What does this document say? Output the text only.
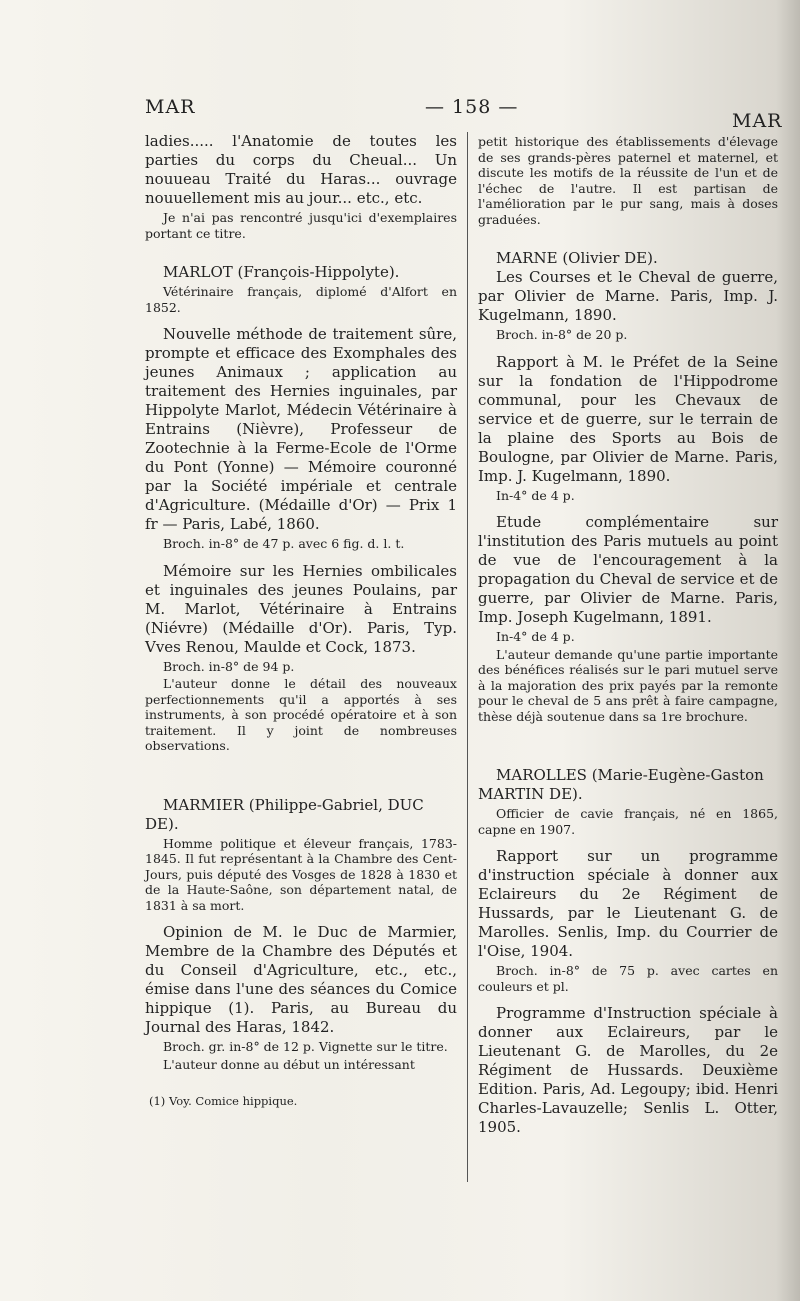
MAR	— 158 —
MAR

ladies..... l'Anatomie de toutes les parties du corps du Cheual... Un nouueau Traité du Haras... ouvrage nouuellement mis au jour... etc., etc.

Je n'ai pas rencontré jusqu'ici d'exemplaires portant ce titre.

MARLOT (François-Hippolyte).

Vétérinaire français, diplomé d'Alfort en 1852.

Nouvelle méthode de traitement sûre, prompte et efficace des Exomphales des jeunes Animaux ; application au traitement des Hernies inguinales, par Hippolyte Marlot, Médecin Vétérinaire à Entrains (Nièvre), Professeur de Zootechnie à la Ferme-Ecole de l'Orme du Pont (Yonne) — Mémoire couronné par la Société impériale et centrale d'Agriculture. (Médaille d'Or) — Prix 1 fr — Paris, Labé, 1860.

Broch. in-8° de 47 p. avec 6 fig. d. l. t.

Mémoire sur les Hernies ombilicales et inguinales des jeunes Poulains, par M. Marlot, Vétérinaire à Entrains (Niévre) (Médaille d'Or). Paris, Typ. Vves Renou, Maulde et Cock, 1873.

Broch. in-8° de 94 p.

L'auteur donne le détail des nouveaux perfectionnements qu'il a apportés à ses instruments, à son procédé opératoire et à son traitement. Il y joint de nombreuses observations.

MARMIER (Philippe-Gabriel, DUC DE).

Homme politique et éleveur français, 1783-1845. Il fut représentant à la Chambre des Cent-Jours, puis député des Vosges de 1828 à 1830 et de la Haute-Saône, son département natal, de 1831 à sa mort.

Opinion de M. le Duc de Marmier, Membre de la Chambre des Députés et du Conseil d'Agriculture, etc., etc., émise dans l'une des séances du Comice hippique (1). Paris, au Bureau du Journal des Haras, 1842.

Broch. gr. in-8° de 12 p. Vignette sur le titre.

L'auteur donne au début un intéressant

(1) Voy. Comice hippique.

petit historique des établissements d'élevage de ses grands-pères paternel et maternel, et discute les motifs de la réussite de l'un et de l'échec de l'autre. Il est partisan de l'amélioration par le pur sang, mais à doses graduées.

MARNE (Olivier DE).

Les Courses et le Cheval de guerre, par Olivier de Marne. Paris, Imp. J. Kugelmann, 1890.

Broch. in-8° de 20 p.

Rapport à M. le Préfet de la Seine sur la fondation de l'Hippodrome communal, pour les Chevaux de service et de guerre, sur le terrain de la plaine des Sports au Bois de Boulogne, par Olivier de Marne. Paris, Imp. J. Kugelmann, 1890.

In-4° de 4 p.

Etude complémentaire sur l'institution des Paris mutuels au point de vue de l'encouragement à la propagation du Cheval de service et de guerre, par Olivier de Marne. Paris, Imp. Joseph Kugelmann, 1891.

In-4° de 4 p.

L'auteur demande qu'une partie importante des bénéfices réalisés sur le pari mutuel serve à la majoration des prix payés par la remonte pour le cheval de 5 ans prêt à faire campagne, thèse déjà soutenue dans sa 1re brochure.

MAROLLES (Marie-Eugène-Gaston MARTIN DE).

Officier de cavie français, né en 1865, capne en 1907.

Rapport sur un programme d'instruction spéciale à donner aux Eclaireurs du 2e Régiment de Hussards, par le Lieutenant G. de Marolles. Senlis, Imp. du Courrier de l'Oise, 1904.

Broch. in-8° de 75 p. avec cartes en couleurs et pl.

Programme d'Instruction spéciale à donner aux Eclaireurs, par le Lieutenant G. de Marolles, du 2e Régiment de Hussards. Deuxième Edition. Paris, Ad. Legoupy; ibid. Henri Charles-Lavauzelle; Senlis L. Otter, 1905.
